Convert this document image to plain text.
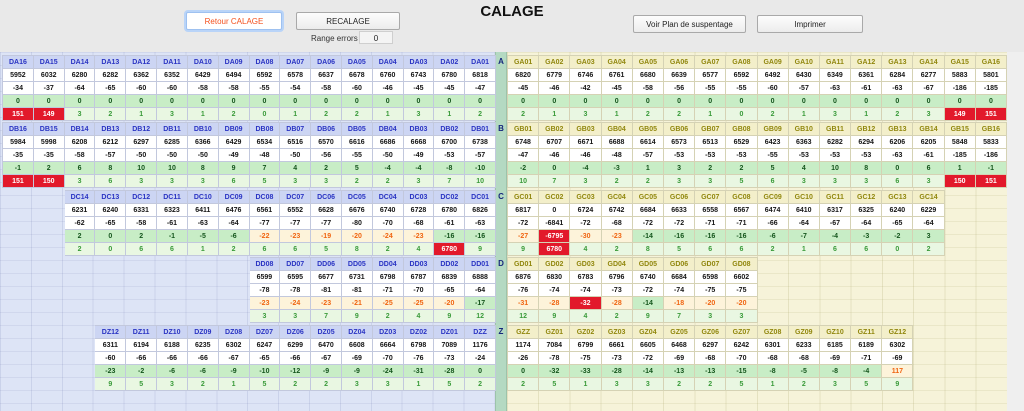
CALAGE
Retour CALAGE	RECALAGE
Range errors	0
Voir Plan de suspentage	Imprimer
DA16	DA15	DA14	DA13	DA12	DA11	DA10	DA09	DA08	DA07	DA06	DA05	DA04	DA03	DA02	DA01
5952	6032	6280	6282	6362	6352	6429	6494	6592	6578	6637	6678	6760	6743	6780	6818
-34	-37	-64	-65	-60	-60	-58	-58	-55	-54	-58	-60	-46	-45	-45	-47
0	0	0	0	0	0	0	0	0	0	0	0	0	0	0	0
151	149	3	2	1	3	1	2	0	1	2	2	1	3	1	2
GA01	GA02	GA03	GA04	GA05	GA06	GA07	GA08	GA09	GA10	GA11	GA12	GA13	GA14	GA15	GA16
6820	6779	6746	6761	6680	6639	6577	6592	6492	6430	6349	6361	6284	6277	5883	5801
-45	-46	-42	-45	-58	-56	-55	-55	-60	-57	-63	-61	-63	-67	-186	-185
0	0	0	0	0	0	0	0	0	0	0	0	0	0	0	0
2	1	3	1	2	2	1	0	2	1	3	1	2	3	149	151
DB16	DB15	DB14	DB13	DB12	DB11	DB10	DB09	DB08	DB07	DB06	DB05	DB04	DB03	DB02	DB01
5984	5998	6208	6212	6297	6285	6366	6429	6534	6516	6570	6616	6686	6668	6700	6738
-35	-35	-58	-57	-50	-50	-50	-49	-48	-50	-56	-55	-50	-49	-53	-57
-1	2	6	8	10	10	8	9	7	4	2	5	-4	-4	-8	-10
151	150	3	6	3	3	3	6	5	3	3	2	2	3	7	10
GB01	GB02	GB03	GB04	GB05	GB06	GB07	GB08	GB09	GB10	GB11	GB12	GB13	GB14	GB15	GB16
6748	6707	6671	6688	6614	6573	6513	6529	6423	6363	6282	6294	6206	6205	5848	5833
-47	-46	-46	-48	-57	-53	-53	-53	-55	-53	-53	-53	-63	-61	-185	-186
-2	0	-4	-3	1	3	2	2	5	4	10	8	0	6	1	-1
10	7	3	2	2	3	3	5	6	3	3	3	6	3	150	151
		DC14	DC13	DC12	DC11	DC10	DC09	DC08	DC07	DC06	DC05	DC04	DC03	DC02	DC01
		6231	6240	6331	6323	6411	6476	6561	6552	6628	6676	6740	6728	6780	6826
		-62	-65	-58	-61	-63	-64	-77	-77	-77	-80	-70	-68	-61	-63
		2	0	2	-1	-5	-6	-22	-23	-19	-20	-24	-23	-16	-16
		2	0	6	6	1	2	6	6	5	8	2	4	6780	9
GC01	GC02	GC03	GC04	GC05	GC06	GC07	GC08	GC09	GC10	GC11	GC12	GC13	GC14		
6817	0	6724	6742	6684	6633	6558	6567	6474	6410	6317	6325	6240	6229		
-72	-6841	-72	-68	-72	-72	-71	-71	-66	-64	-67	-64	-65	-64		
-27	-6795	-30	-23	-14	-16	-16	-16	-6	-7	-4	-3	-2	3		
9	6780	4	2	8	5	6	6	2	1	6	6	0	2		
								DD08	DD07	DD06	DD05	DD04	DD03	DD02	DD01
								6599	6595	6677	6731	6798	6787	6839	6888
								-78	-78	-81	-81	-71	-70	-65	-64
								-23	-24	-23	-21	-25	-25	-20	-17
								3	3	7	9	2	4	9	12
GD01	GD02	GD03	GD04	GD05	GD06	GD07	GD08								
6876	6830	6783	6796	6740	6684	6598	6602								
-76	-74	-74	-73	-72	-74	-75	-75								
-31	-28	-32	-28	-14	-18	-20	-20								
12	9	4	2	9	7	3	3								
			DZ12	DZ11	DZ10	DZ09	DZ08	DZ07	DZ06	DZ05	DZ04	DZ03	DZ02	DZ01	DZZ
			6311	6194	6188	6235	6302	6247	6299	6470	6608	6664	6798	7089	1176
			-60	-66	-66	-66	-67	-65	-66	-67	-69	-70	-76	-73	-24
			-23	-2	-6	-6	-9	-10	-12	-9	-9	-24	-31	-28	0
			9	5	3	2	1	5	2	2	3	3	1	5	2
GZZ	GZ01	GZ02	GZ03	GZ04	GZ05	GZ06	GZ07	GZ08	GZ09	GZ10	GZ11	GZ12			
1174	7084	6799	6661	6605	6468	6297	6242	6301	6233	6185	6189	6302			
-26	-78	-75	-73	-72	-69	-68	-70	-68	-68	-69	-71	-69			
0	-32	-33	-28	-14	-13	-13	-15	-8	-5	-8	-4	117			
2	5	1	3	3	2	2	5	1	2	3	5	9			
A
B
C
D
Z
